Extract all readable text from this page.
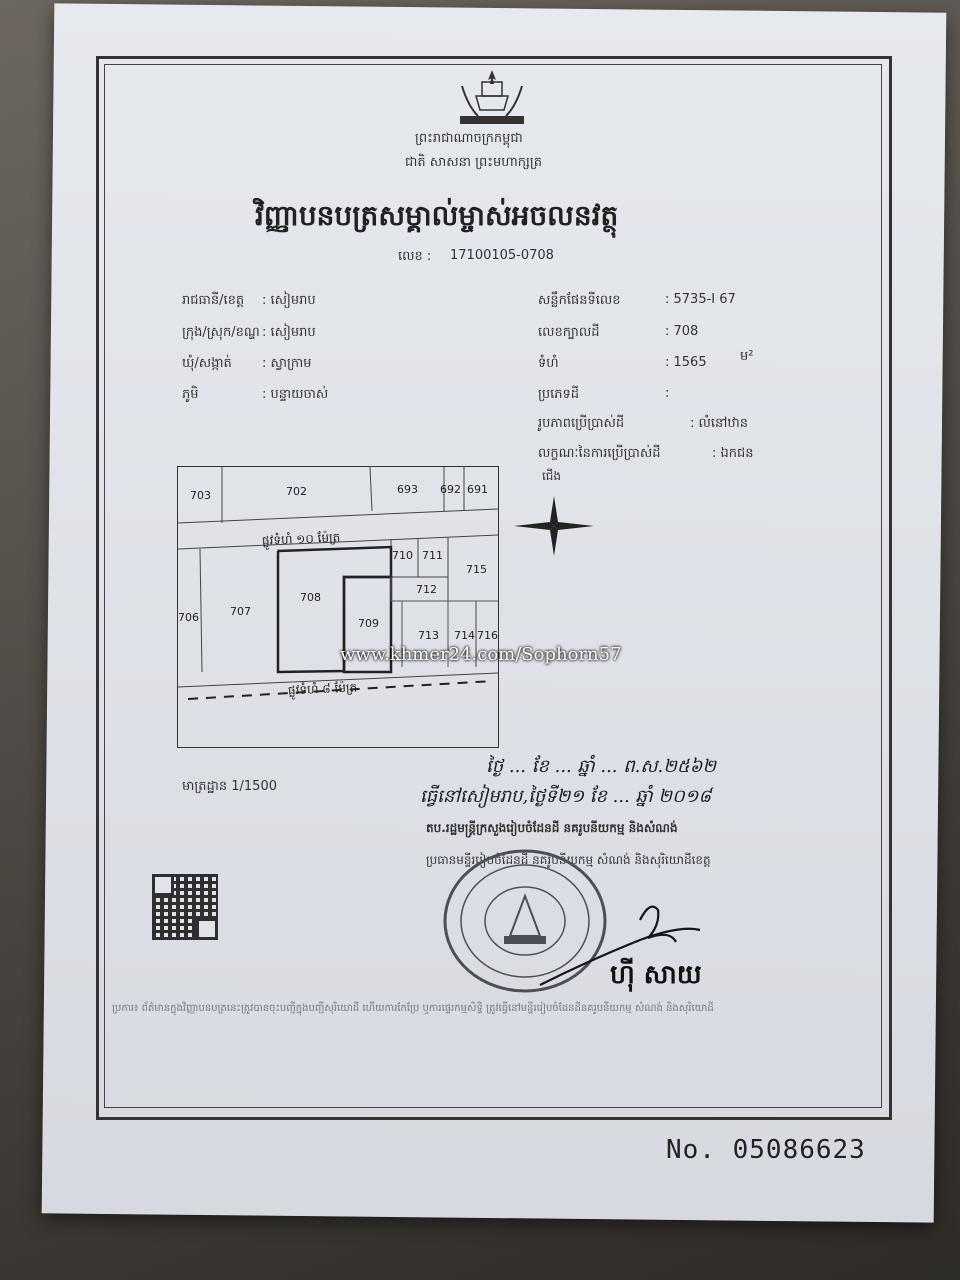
ព្រះរាជាណាចក្រកម្ពុជា
ជាតិ សាសនា ព្រះមហាក្សត្រ
វិញ្ញាបនបត្រសម្គាល់ម្ចាស់អចលនវត្ថុ
លេខ : 17100105-0708
រាជធានី/ខេត្ត : សៀមរាប
ក្រុង/ស្រុក/ខណ្ឌ : សៀមរាប
ឃុំ/សង្កាត់ : ស្វាក្រាម
ភូមិ	: បន្ទាយចាស់
សន្លឹកផែនទីលេខ	: 5735-I 67
លេខក្បាលដី	: 708
ទំហំ	: 1565	ម²
ប្រភេទដី	:
រូបភាពប្រើប្រាស់ដី	: លំនៅឋាន
លក្ខណៈនៃការប្រើប្រាស់ដី	: ឯកជន
703	702	693 692 691
710 711
715
712
706	707
708
709
713 714 716
ផ្លូវទំហំ ១០ ម៉ែត្រ
ផ្លូវទំហំ ៨ ម៉ែត្រ
www.khmer24.com/Sophorn57
ជើង
មាត្រដ្ឋាន 1/1500
ថ្ងៃ ... ខែ ... ឆ្នាំ ... ព.ស.២៥៦២
ធ្វើនៅសៀមរាប,ថ្ងៃទី២១ ខែ ... ឆ្នាំ ២០១៨
តប.រដ្ឋមន្ត្រីក្រសួងរៀបចំដែនដី នគរូបនីយកម្ម និងសំណង់
ប្រធានមន្ទីររៀបចំដែនដី នគរូបនីយកម្ម សំណង់ និងសុរិយោដីខេត្ត
ហ៊ី សាយ
ប្រការ៖ ព័ត៌មានក្នុងវិញ្ញាបនបត្រនេះត្រូវបានចុះបញ្ជីក្នុងបញ្ជីសុរិយោដី ហើយការកែប្រែ ឬការផ្ទេរកម្មសិទ្ធិ ត្រូវធ្វើនៅមន្ទីររៀបចំដែនដីនគរូបនីយកម្ម សំណង់ និងសុរិយោដី
No. 05086623
